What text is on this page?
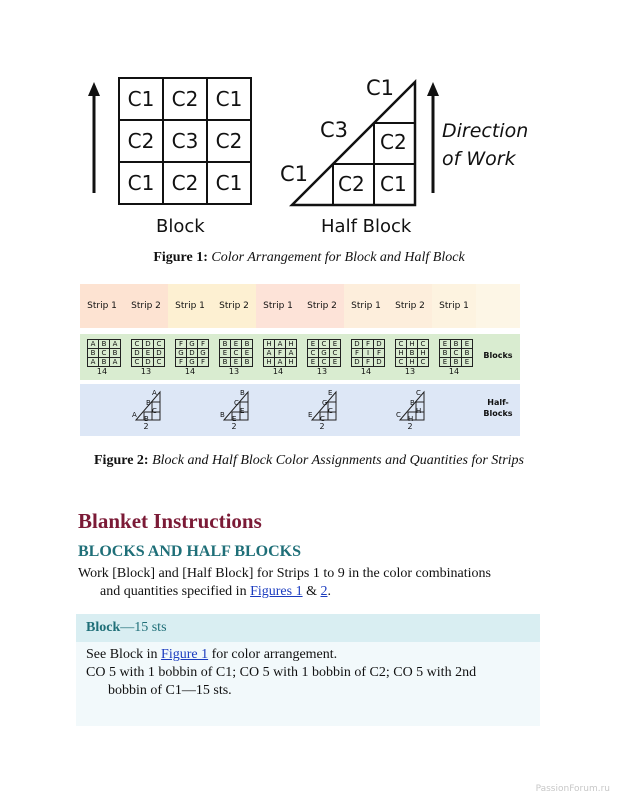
C1	C2	C1
C2	C3	C2
C1	C2	C1
Block	Half Block
C1
C3 C2
C1 C2 C1
Direction
of Work
Figure 1: Color Arrangement for Block and Half Block
Strip 1	Strip 2	Strip 1	Strip 2	Strip 1	Strip 2	Strip 1	Strip 2	Strip 1
A	B	A
B	C	B
A	B	A
14
C	D	C
D	E	D
C	D	C
13
F	G	F
G	D	G
F	G	F
14
B	E	B
E	C	E
B	E	B
13
H	A	H
A	F	A
H	A	H
14
E	C	E
C	G	C
E	C	E
13
D	F	D
F	I	F
D	F	D
14
C	H	C
H	B	H
C	H	C
13
E	B	E
B	C	B
E	B	E
14
Blocks
Half-
Blocks
A
B
C
B
A
2
B
C
E
E
B
2
E
G
C
C
E
2
C
B
H
H
C
2
Figure 2: Block and Half Block Color Assignments and Quantities for Strips
Blanket Instructions
BLOCKS AND HALF BLOCKS
Work [Block] and [Half Block] for Strips 1 to 9 in the color combinations
and quantities specified in Figures 1 & 2.
Block—15 sts
See Block in Figure 1 for color arrangement.
CO 5 with 1 bobbin of C1; CO 5 with 1 bobbin of C2; CO 5 with 2nd
bobbin of C1—15 sts.
PassionForum.ru
